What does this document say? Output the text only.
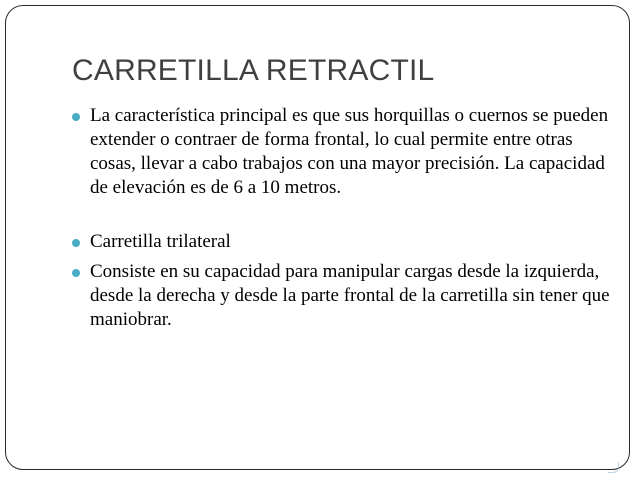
CARRETILLA RETRACTIL
La característica principal es que sus horquillas o cuernos se pueden extender o contraer de forma frontal, lo cual permite entre otras cosas, llevar a cabo trabajos con una mayor precisión. La capacidad de elevación es de 6 a 10 metros.
Carretilla trilateral
Consiste en su capacidad para manipular cargas desde la izquierda, desde la derecha y desde la parte frontal de la carretilla sin tener que maniobrar.
